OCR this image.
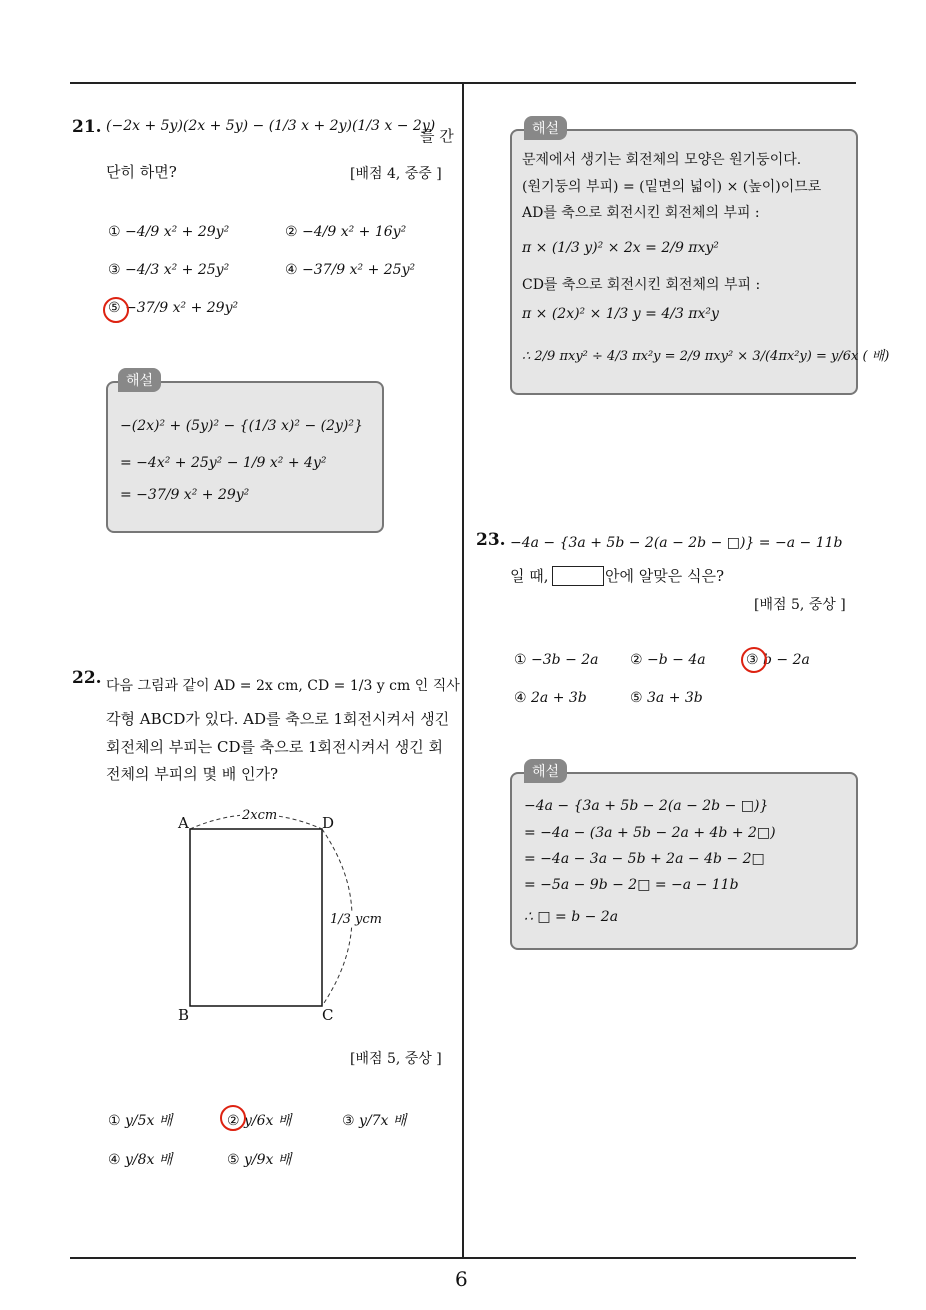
6
21. (−2x + 5y)(2x + 5y) − (1/3 x + 2y)(1/3 x − 2y)
를 간
단히 하면?	[배점 4, 중중 ]
① −4/9 x² + 29y²	② −4/9 x² + 16y²
③ −4/3 x² + 25y²	④ −37/9 x² + 25y²
⑤ −37/9 x² + 29y²
해설
−(2x)² + (5y)² − {(1/3 x)² − (2y)²}
= −4x² + 25y² − 1/9 x² + 4y²
= −37/9 x² + 29y²
22. 다음 그림과 같이 AD = 2x cm, CD = 1/3 y cm 인 직사
각형 ABCD가 있다. AD를 축으로 1회전시켜서 생긴
회전체의 부피는 CD를 축으로 1회전시켜서 생긴 회
전체의 부피의 몇 배 인가?
A	D
B	C
2xcm
1/3 ycm
[배점 5, 중상 ]
① y/5x 배	② y/6x 배	③ y/7x 배
④ y/8x 배	⑤ y/9x 배
해설
문제에서 생기는 회전체의 모양은 원기둥이다.
(원기둥의 부피) = (밑면의 넓이) × (높이)이므로
AD를 축으로 회전시킨 회전체의 부피 :
π × (1/3 y)² × 2x = 2/9 πxy²
CD를 축으로 회전시킨 회전체의 부피 :
π × (2x)² × 1/3 y = 4/3 πx²y
∴ 2/9 πxy² ÷ 4/3 πx²y = 2/9 πxy² × 3/(4πx²y) = y/6x ( 배)
23. −4a − {3a + 5b − 2(a − 2b − □)} = −a − 11b
일 때,	안에 알맞은 식은?
[배점 5, 중상 ]
① −3b − 2a ② −b − 4a	③ b − 2a
④ 2a + 3b	⑤ 3a + 3b
해설
−4a − {3a + 5b − 2(a − 2b − □)}
= −4a − (3a + 5b − 2a + 4b + 2□)
= −4a − 3a − 5b + 2a − 4b − 2□
= −5a − 9b − 2□ = −a − 11b
∴ □ = b − 2a
